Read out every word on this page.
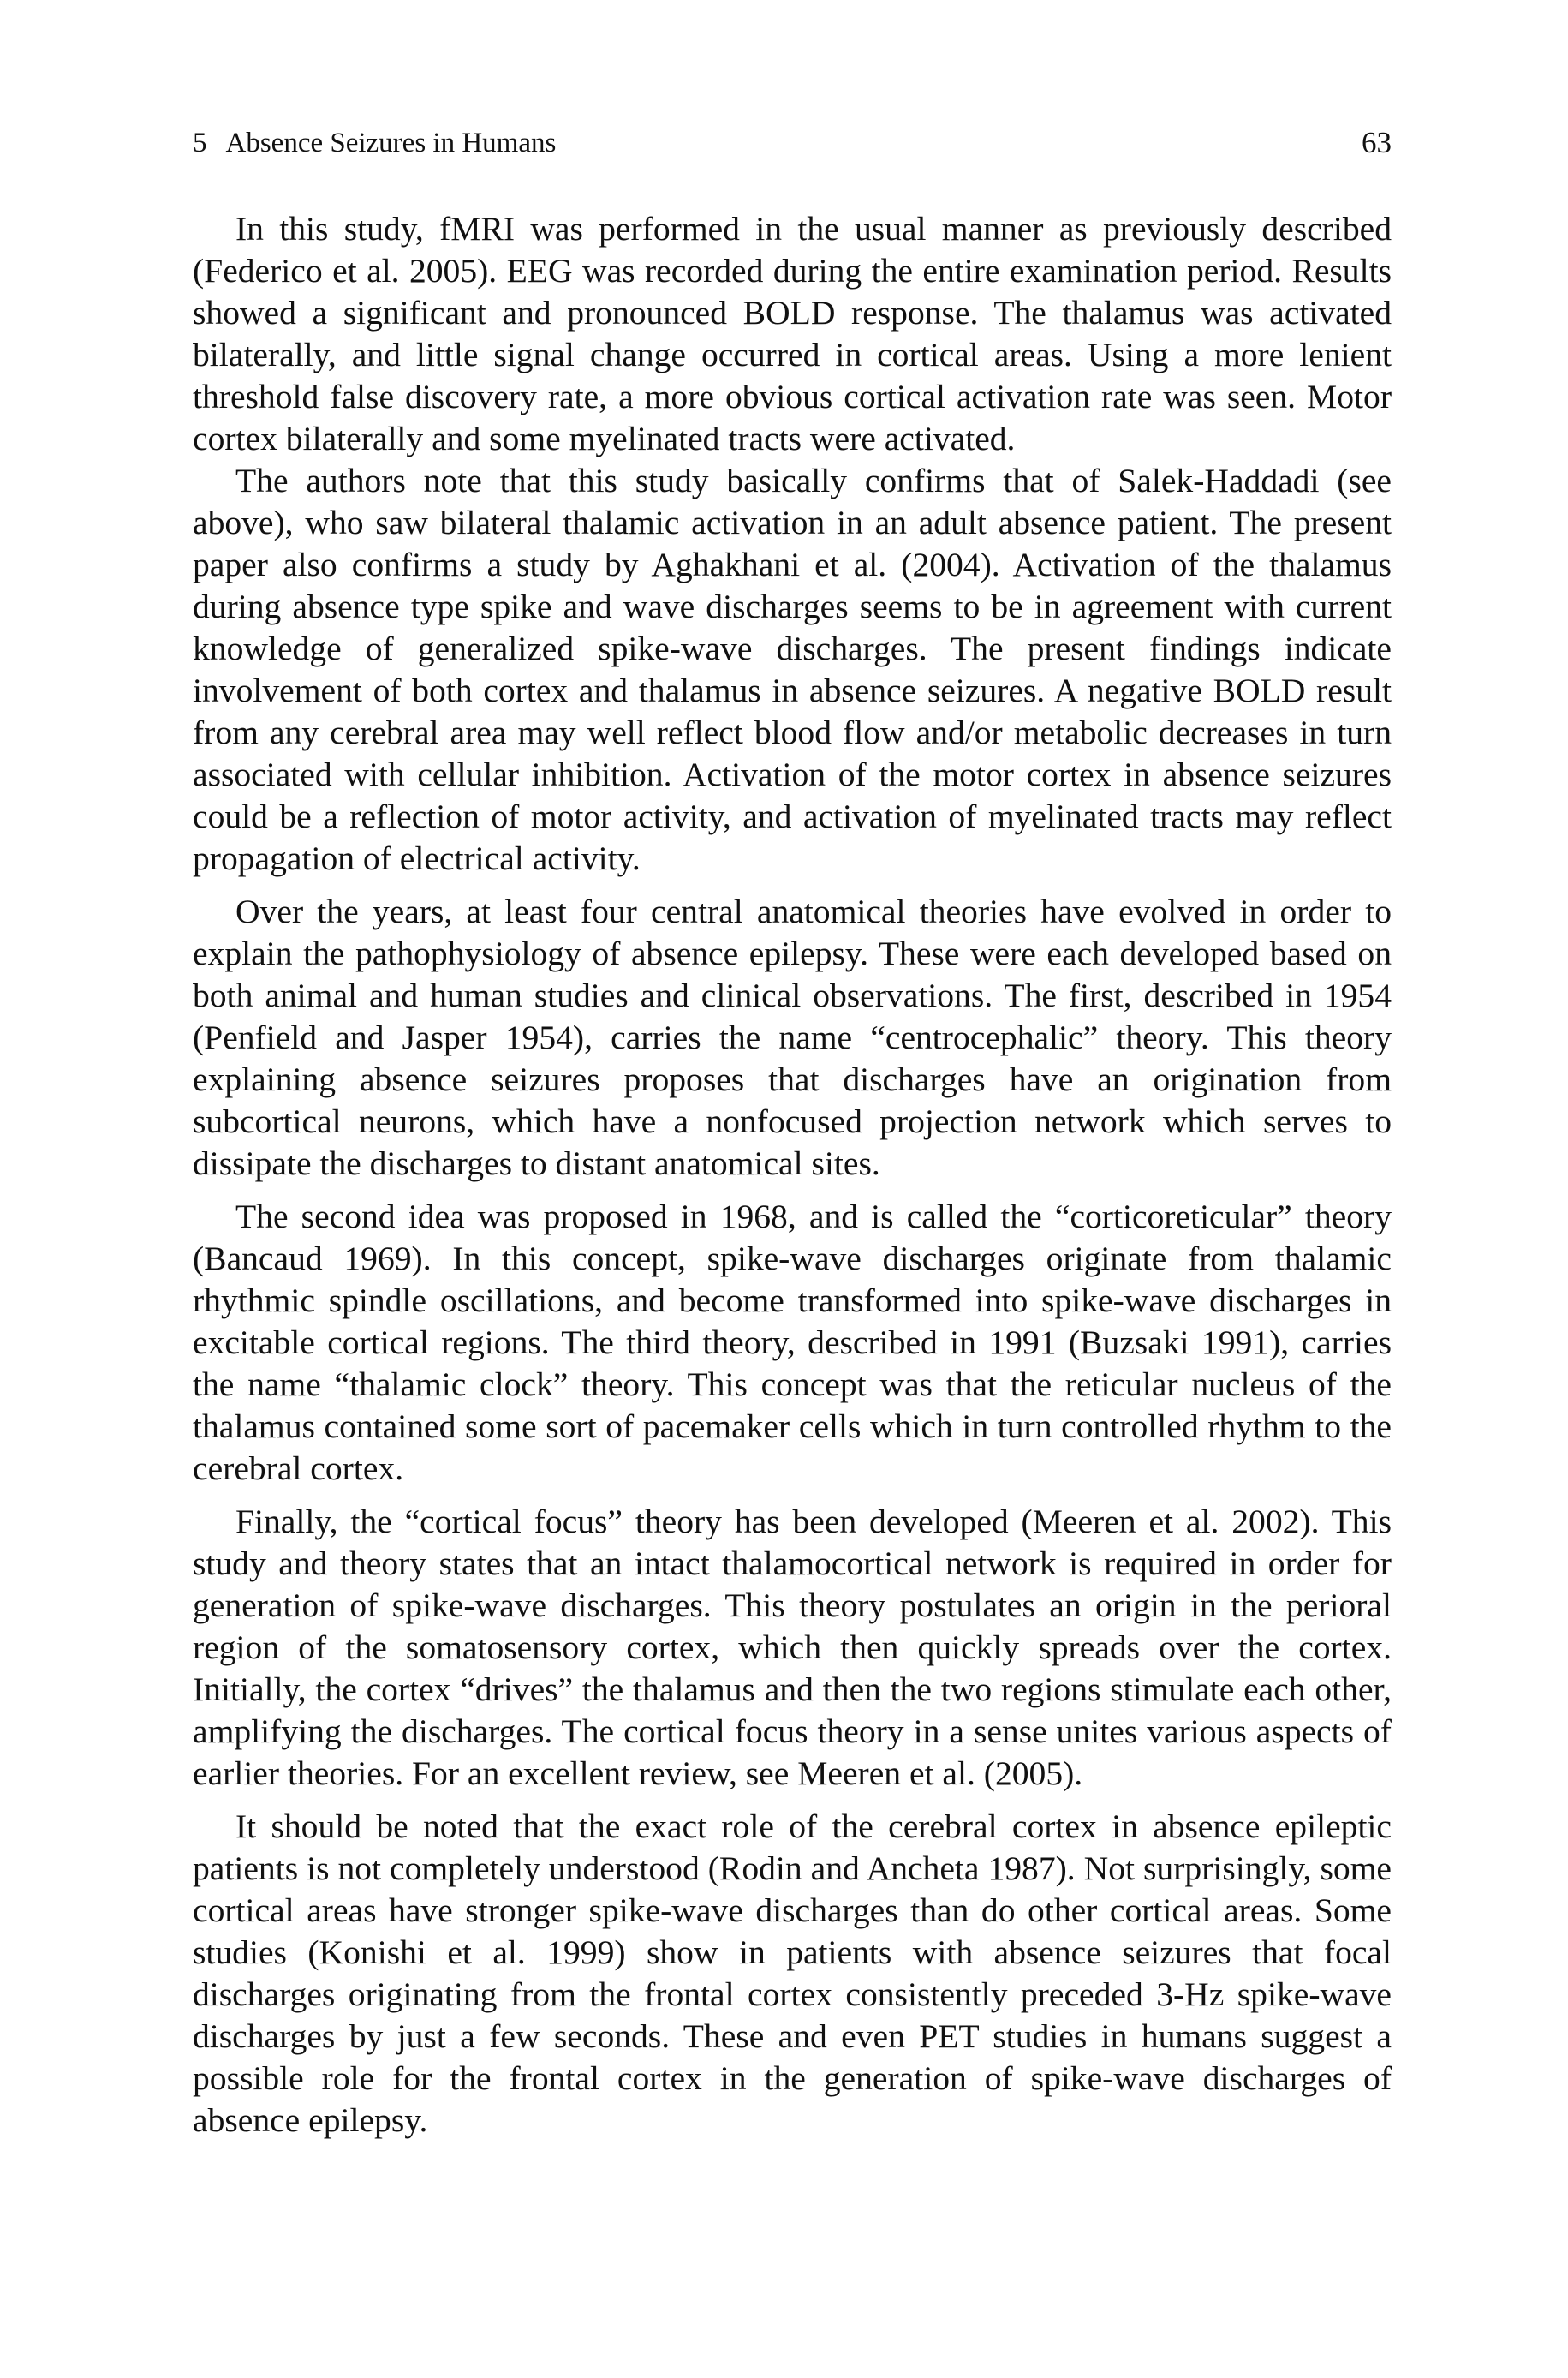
5 Absence Seizures in Humans	63

In this study, fMRI was performed in the usual manner as previously described (Federico et al. 2005). EEG was recorded during the entire examination period. Results showed a significant and pronounced BOLD response. The thalamus was activated bilaterally, and little signal change occurred in cortical areas. Using a more lenient threshold false discovery rate, a more obvious cortical activation rate was seen. Motor cortex bilaterally and some myelinated tracts were activated.

The authors note that this study basically confirms that of Salek-Haddadi (see above), who saw bilateral thalamic activation in an adult absence patient. The present paper also confirms a study by Aghakhani et al. (2004). Activation of the thalamus during absence type spike and wave discharges seems to be in agreement with current knowledge of generalized spike-wave discharges. The present findings indicate involvement of both cortex and thalamus in absence seizures. A negative BOLD result from any cerebral area may well reflect blood flow and/or metabolic decreases in turn associated with cellular inhibition. Activation of the motor cortex in absence seizures could be a reflection of motor activity, and activation of myelinated tracts may reflect propagation of electrical activity.

Over the years, at least four central anatomical theories have evolved in order to explain the pathophysiology of absence epilepsy. These were each developed based on both animal and human studies and clinical observations. The first, described in 1954 (Penfield and Jasper 1954), carries the name “centrocephalic” theory. This theory explaining absence seizures proposes that discharges have an origination from subcortical neurons, which have a nonfocused projection network which serves to dissipate the discharges to distant anatomical sites.

The second idea was proposed in 1968, and is called the “corticoreticular” theory (Bancaud 1969). In this concept, spike-wave discharges originate from thalamic rhythmic spindle oscillations, and become transformed into spike-wave discharges in excitable cortical regions. The third theory, described in 1991 (Buzsaki 1991), carries the name “thalamic clock” theory. This concept was that the reticular nucleus of the thalamus contained some sort of pacemaker cells which in turn controlled rhythm to the cerebral cortex.

Finally, the “cortical focus” theory has been developed (Meeren et al. 2002). This study and theory states that an intact thalamocortical network is required in order for generation of spike-wave discharges. This theory postulates an origin in the perioral region of the somatosensory cortex, which then quickly spreads over the cortex. Initially, the cortex “drives” the thalamus and then the two regions stimulate each other, amplifying the discharges. The cortical focus theory in a sense unites various aspects of earlier theories. For an excellent review, see Meeren et al. (2005).

It should be noted that the exact role of the cerebral cortex in absence epileptic patients is not completely understood (Rodin and Ancheta 1987). Not surprisingly, some cortical areas have stronger spike-wave discharges than do other cortical areas. Some studies (Konishi et al. 1999) show in patients with absence seizures that focal discharges originating from the frontal cortex consistently preceded 3-Hz spike-wave discharges by just a few seconds. These and even PET studies in humans suggest a possible role for the frontal cortex in the generation of spike-wave discharges of absence epilepsy.
